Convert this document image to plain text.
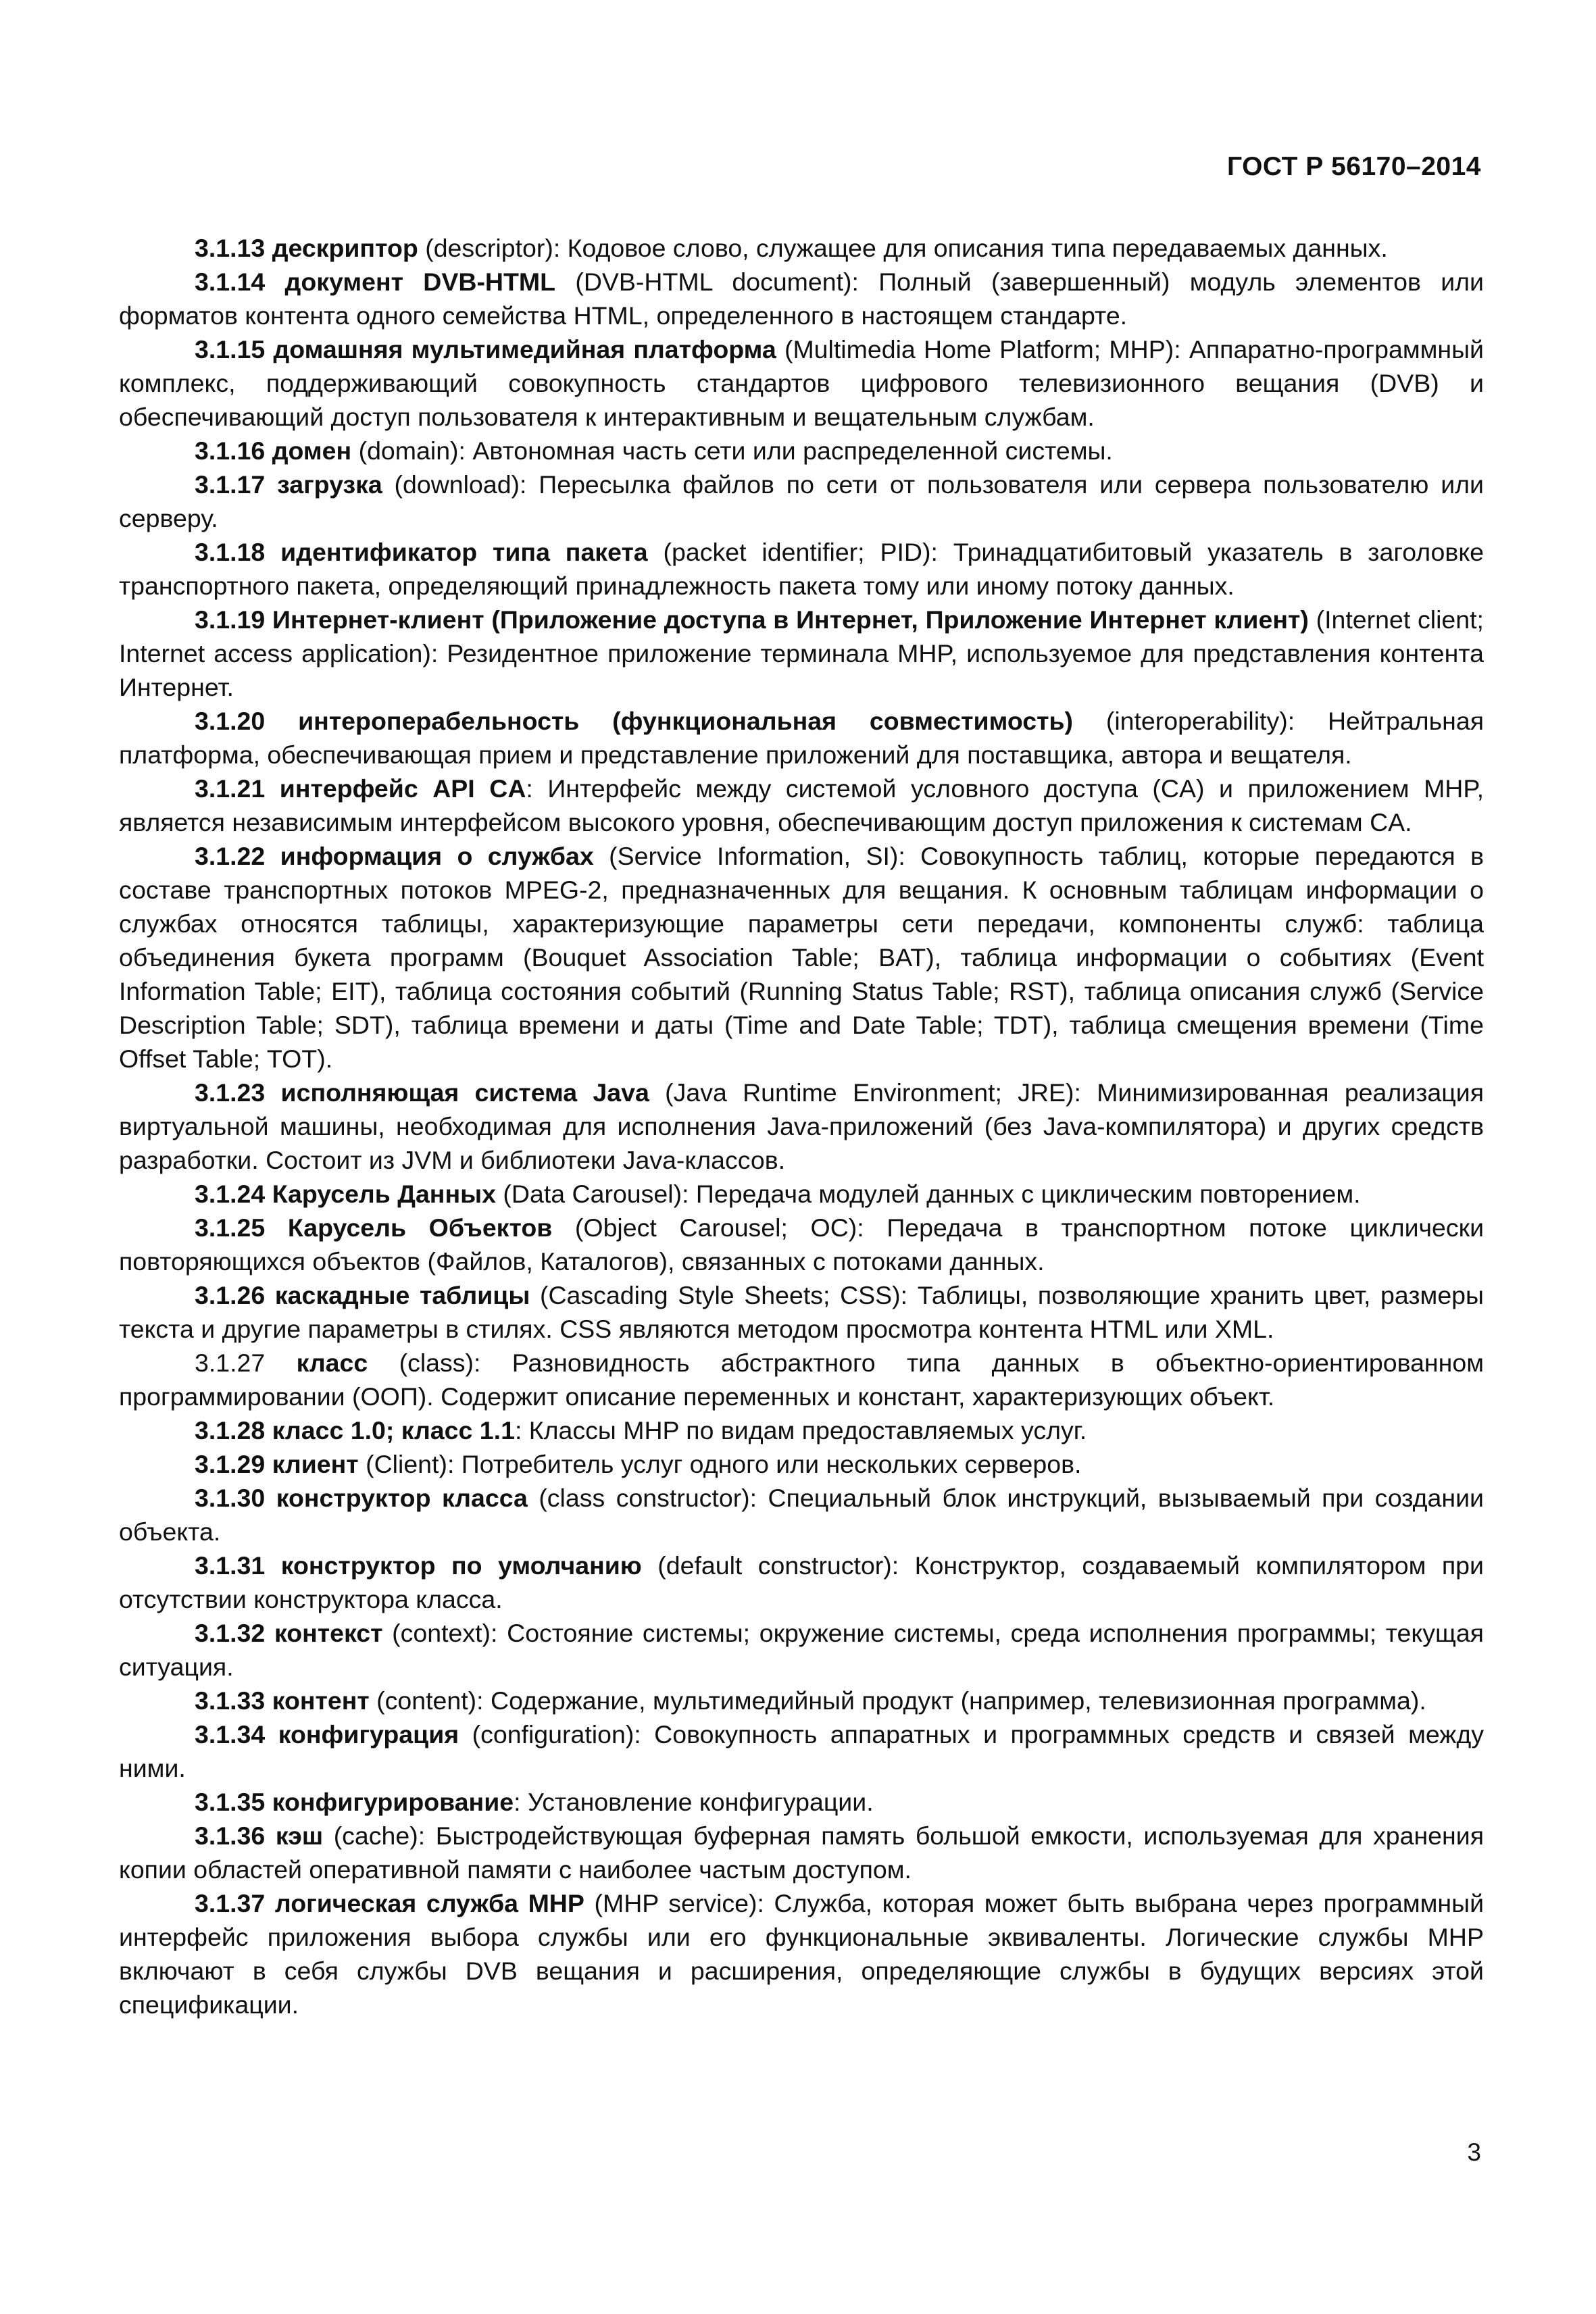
ГОСТ Р 56170–2014

3.1.13 дескриптор (descriptor): Кодовое слово, служащее для описания типа передаваемых данных.

3.1.14 документ DVB-HTML (DVB-HTML document): Полный (завершенный) модуль элементов или форматов контента одного семейства HTML, определенного в настоящем стандарте.

3.1.15 домашняя мультимедийная платформа (Multimedia Home Platform; MHP): Аппаратно-программный комплекс, поддерживающий совокупность стандартов цифрового телевизионного вещания (DVB) и обеспечивающий доступ пользователя к интерактивным и вещательным службам.

3.1.16 домен (domain): Автономная часть сети или распределенной системы.

3.1.17 загрузка (download): Пересылка файлов по сети от пользователя или сервера пользователю или серверу.

3.1.18 идентификатор типа пакета (packet identifier; PID): Тринадцатибитовый указатель в заголовке транспортного пакета, определяющий принадлежность пакета тому или иному потоку данных.

3.1.19 Интернет-клиент (Приложение доступа в Интернет, Приложение Интернет клиент) (Internet client; Internet access application): Резидентное приложение терминала MHP, используемое для представления контента Интернет.

3.1.20 интероперабельность (функциональная совместимость) (interoperability): Нейтральная платформа, обеспечивающая прием и представление приложений для поставщика, автора и вещателя.

3.1.21 интерфейс API CA: Интерфейс между системой условного доступа (CA) и приложением MHP, является независимым интерфейсом высокого уровня, обеспечивающим доступ приложения к системам CA.

3.1.22 информация о службах (Service Information, SI): Совокупность таблиц, которые передаются в составе транспортных потоков MPEG-2, предназначенных для вещания. К основным таблицам информации о службах относятся таблицы, характеризующие параметры сети передачи, компоненты служб: таблица объединения букета программ (Bouquet Association Table; BAT), таблица информации о событиях (Event Information Table; EIT), таблица состояния событий (Running Status Table; RST), таблица описания служб (Service Description Table; SDT), таблица времени и даты (Time and Date Table; TDT), таблица смещения времени (Time Offset Table; TOT).

3.1.23 исполняющая система Java (Java Runtime Environment; JRE): Минимизированная реализация виртуальной машины, необходимая для исполнения Java-приложений (без Java-компилятора) и других средств разработки. Состоит из JVM и библиотеки Java-классов.

3.1.24 Карусель Данных (Data Carousel): Передача модулей данных с циклическим повторением.

3.1.25 Карусель Объектов (Object Carousel; OC): Передача в транспортном потоке циклически повторяющихся объектов (Файлов, Каталогов), связанных с потоками данных.

3.1.26 каскадные таблицы (Cascading Style Sheets; CSS): Таблицы, позволяющие хранить цвет, размеры текста и другие параметры в стилях. CSS являются методом просмотра контента HTML или XML.

3.1.27 класс (class): Разновидность абстрактного типа данных в объектно-ориентированном программировании (ООП). Содержит описание переменных и констант, характеризующих объект.

3.1.28 класс 1.0; класс 1.1: Классы MHP по видам предоставляемых услуг.

3.1.29 клиент (Client): Потребитель услуг одного или нескольких серверов.

3.1.30 конструктор класса (class constructor): Специальный блок инструкций, вызываемый при создании объекта.

3.1.31 конструктор по умолчанию (default constructor): Конструктор, создаваемый компилятором при отсутствии конструктора класса.

3.1.32 контекст (context): Состояние системы; окружение системы, среда исполнения программы; текущая ситуация.

3.1.33 контент (content): Содержание, мультимедийный продукт (например, телевизионная программа).

3.1.34 конфигурация (configuration): Совокупность аппаратных и программных средств и связей между ними.

3.1.35 конфигурирование: Установление конфигурации.

3.1.36 кэш (cache): Быстродействующая буферная память большой емкости, используемая для хранения копии областей оперативной памяти с наиболее частым доступом.

3.1.37 логическая служба MHP (MHP service): Служба, которая может быть выбрана через программный интерфейс приложения выбора службы или его функциональные эквиваленты. Логические службы MHP включают в себя службы DVB вещания и расширения, определяющие службы в будущих версиях этой спецификации.

3
